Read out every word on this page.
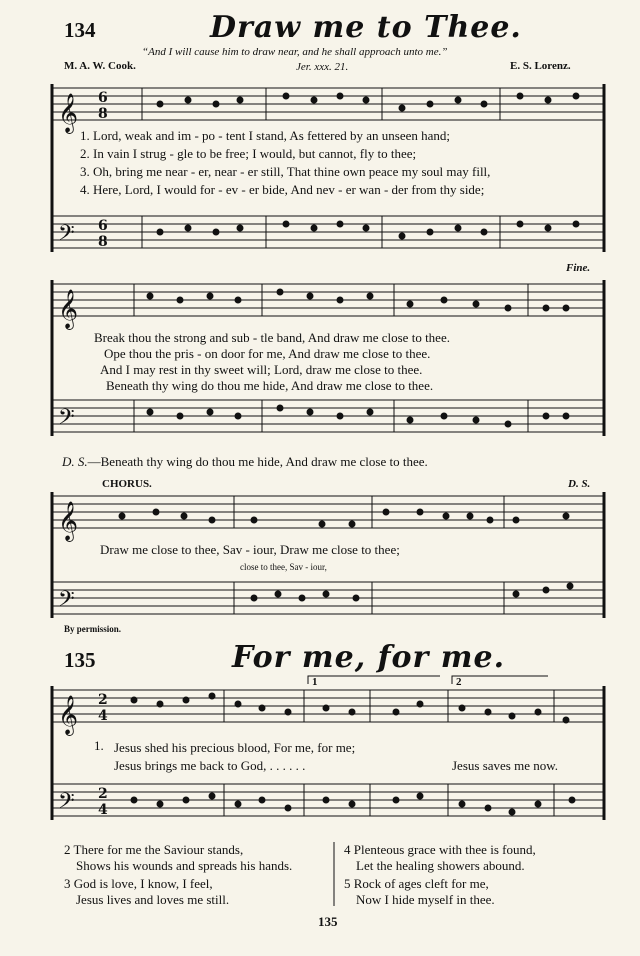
134	Draw me to Thee.
“And I will cause him to draw near, and he shall approach unto me.”
M. A. W. Cook.	Jer. xxx. 21.	E. S. Lorenz.
𝄞
𝄢
𝄞
𝄢
𝄞
𝄢
𝄞
𝄢
6
8
6
8
2
4
2
4
1. Lord, weak and im - po - tent I stand, As fettered by an unseen hand;
2. In vain I strug - gle to be free; I would, but cannot, fly to thee;
3. Oh, bring me near - er, near - er still, That thine own peace my soul may fill,
4. Here, Lord, I would for - ev - er bide, And nev - er wan - der from thy side;
Fine.
Break thou the strong and sub - tle band, And draw me close to thee.
Ope thou the pris - on door for me, And draw me close to thee.
And I may rest in thy sweet will; Lord, draw me close to thee.
Beneath thy wing do thou me hide, And draw me close to thee.
D. S.—Beneath thy wing do thou me hide, And draw me close to thee.
CHORUS.	D. S.
Draw me close to thee, Sav - iour, Draw me close to thee;
close to thee, Sav - iour,
By permission.
135	For me, for me.
1	2
1. Jesus shed his precious blood, For me, for me;
Jesus brings me back to God, . . . . . .	Jesus saves me now.
2 There for me the Saviour stands,
Shows his wounds and spreads his hands.
3 God is love, I know, I feel,
Jesus lives and loves me still.
4 Plenteous grace with thee is found,
Let the healing showers abound.
5 Rock of ages cleft for me,
Now I hide myself in thee.
135
